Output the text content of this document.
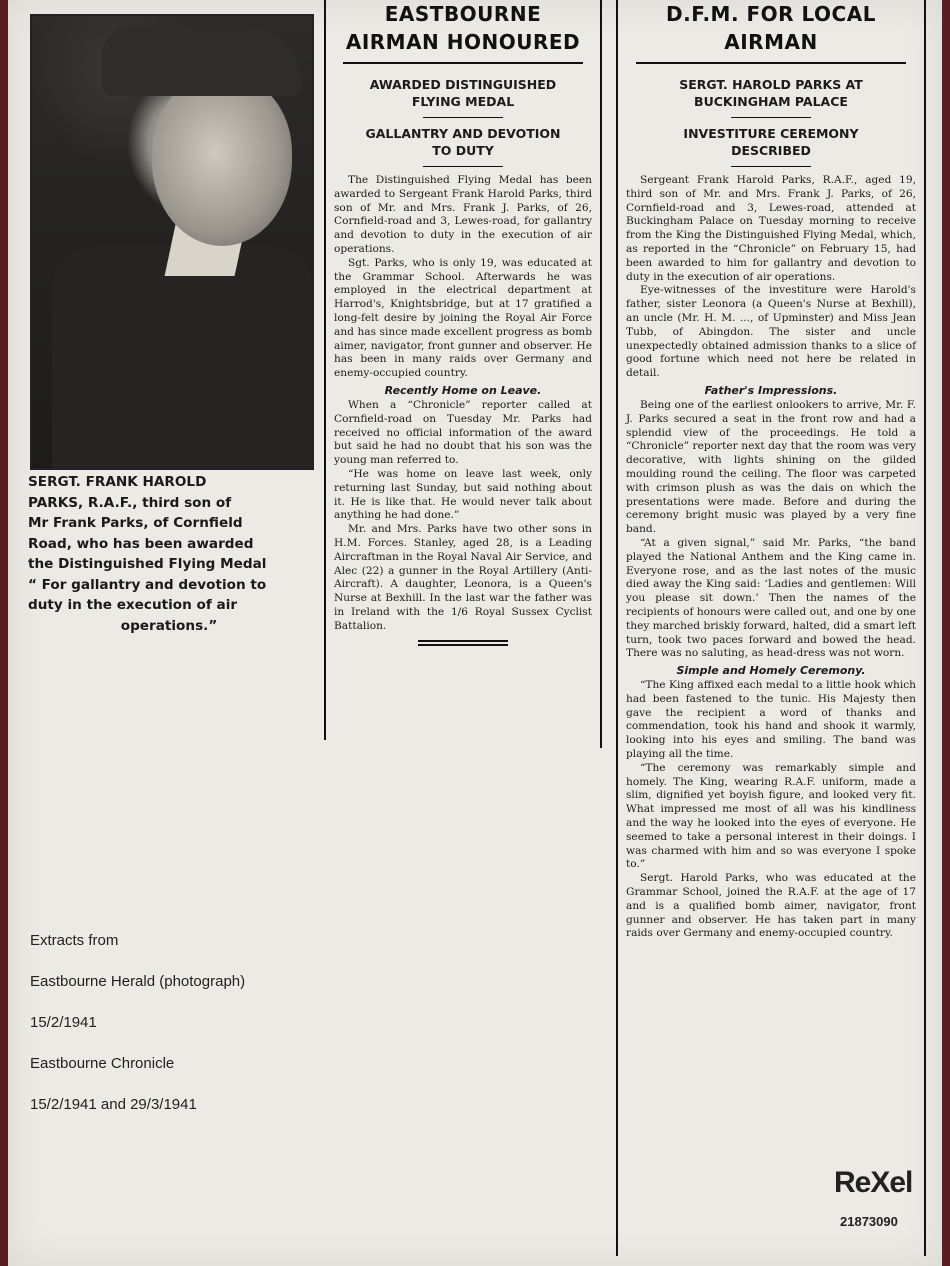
SERGT. FRANK HAROLD
PARKS, R.A.F., third son of
Mr Frank Parks, of Cornfield
Road, who has been awarded
the Distinguished Flying Medal
“ For gallantry and devotion to
duty in the execution of air
operations.”
EASTBOURNE
AIRMAN HONOURED
AWARDED DISTINGUISHED
FLYING MEDAL
GALLANTRY AND DEVOTION
TO DUTY

The Distinguished Flying Medal has been awarded to Sergeant Frank Harold Parks, third son of Mr. and Mrs. Frank J. Parks, of 26, Cornfield-road and 3, Lewes-road, for gallantry and devotion to duty in the execution of air operations.

Sgt. Parks, who is only 19, was educated at the Grammar School. Afterwards he was employed in the electrical department at Harrod's, Knightsbridge, but at 17 gratified a long-felt desire by joining the Royal Air Force and has since made excellent progress as bomb aimer, navigator, front gunner and observer. He has been in many raids over Germany and enemy-occupied country.

Recently Home on Leave.

When a “Chronicle” reporter called at Cornfield-road on Tuesday Mr. Parks had received no official information of the award but said he had no doubt that his son was the young man referred to.

“He was home on leave last week, only returning last Sunday, but said nothing about it. He is like that. He would never talk about anything he had done.”

Mr. and Mrs. Parks have two other sons in H.M. Forces. Stanley, aged 28, is a Leading Aircraftman in the Royal Naval Air Service, and Alec (22) a gunner in the Royal Artillery (Anti-Aircraft). A daughter, Leonora, is a Queen's Nurse at Bexhill. In the last war the father was in Ireland with the 1/6 Royal Sussex Cyclist Battalion.

D.F.M. FOR LOCAL
AIRMAN
SERGT. HAROLD PARKS AT
BUCKINGHAM PALACE
INVESTITURE CEREMONY
DESCRIBED

Sergeant Frank Harold Parks, R.A.F., aged 19, third son of Mr. and Mrs. Frank J. Parks, of 26, Cornfield-road and 3, Lewes-road, attended at Buckingham Palace on Tuesday morning to receive from the King the Distinguished Flying Medal, which, as reported in the “Chronicle” on February 15, had been awarded to him for gallantry and devotion to duty in the execution of air operations.

Eye-witnesses of the investiture were Harold's father, sister Leonora (a Queen's Nurse at Bexhill), an uncle (Mr. H. M. ..., of Upminster) and Miss Jean Tubb, of Abingdon. The sister and uncle unexpectedly obtained admission thanks to a slice of good fortune which need not here be related in detail.

Father's Impressions.

Being one of the earliest onlookers to arrive, Mr. F. J. Parks secured a seat in the front row and had a splendid view of the proceedings. He told a “Chronicle” reporter next day that the room was very decorative, with lights shining on the gilded moulding round the ceiling. The floor was carpeted with crimson plush as was the dais on which the presentations were made. Before and during the ceremony bright music was played by a very fine band.

“At a given signal,” said Mr. Parks, “the band played the National Anthem and the King came in. Everyone rose, and as the last notes of the music died away the King said: ‘Ladies and gentlemen: Will you please sit down.’ Then the names of the recipients of honours were called out, and one by one they marched briskly forward, halted, did a smart left turn, took two paces forward and bowed the head. There was no saluting, as head-dress was not worn.

Simple and Homely Ceremony.

“The King affixed each medal to a little hook which had been fastened to the tunic. His Majesty then gave the recipient a word of thanks and commendation, took his hand and shook it warmly, looking into his eyes and smiling. The band was playing all the time.

“The ceremony was remarkably simple and homely. The King, wearing R.A.F. uniform, made a slim, dignified yet boyish figure, and looked very fit. What impressed me most of all was his kindliness and the way he looked into the eyes of everyone. He seemed to take a personal interest in their doings. I was charmed with him and so was everyone I spoke to.”

Sergt. Harold Parks, who was educated at the Grammar School, joined the R.A.F. at the age of 17 and is a qualified bomb aimer, navigator, front gunner and observer. He has taken part in many raids over Germany and enemy-occupied country.

Extracts from
Eastbourne Herald (photograph)
15/2/1941
Eastbourne Chronicle
15/2/1941 and 29/3/1941
ReXel
21873090
